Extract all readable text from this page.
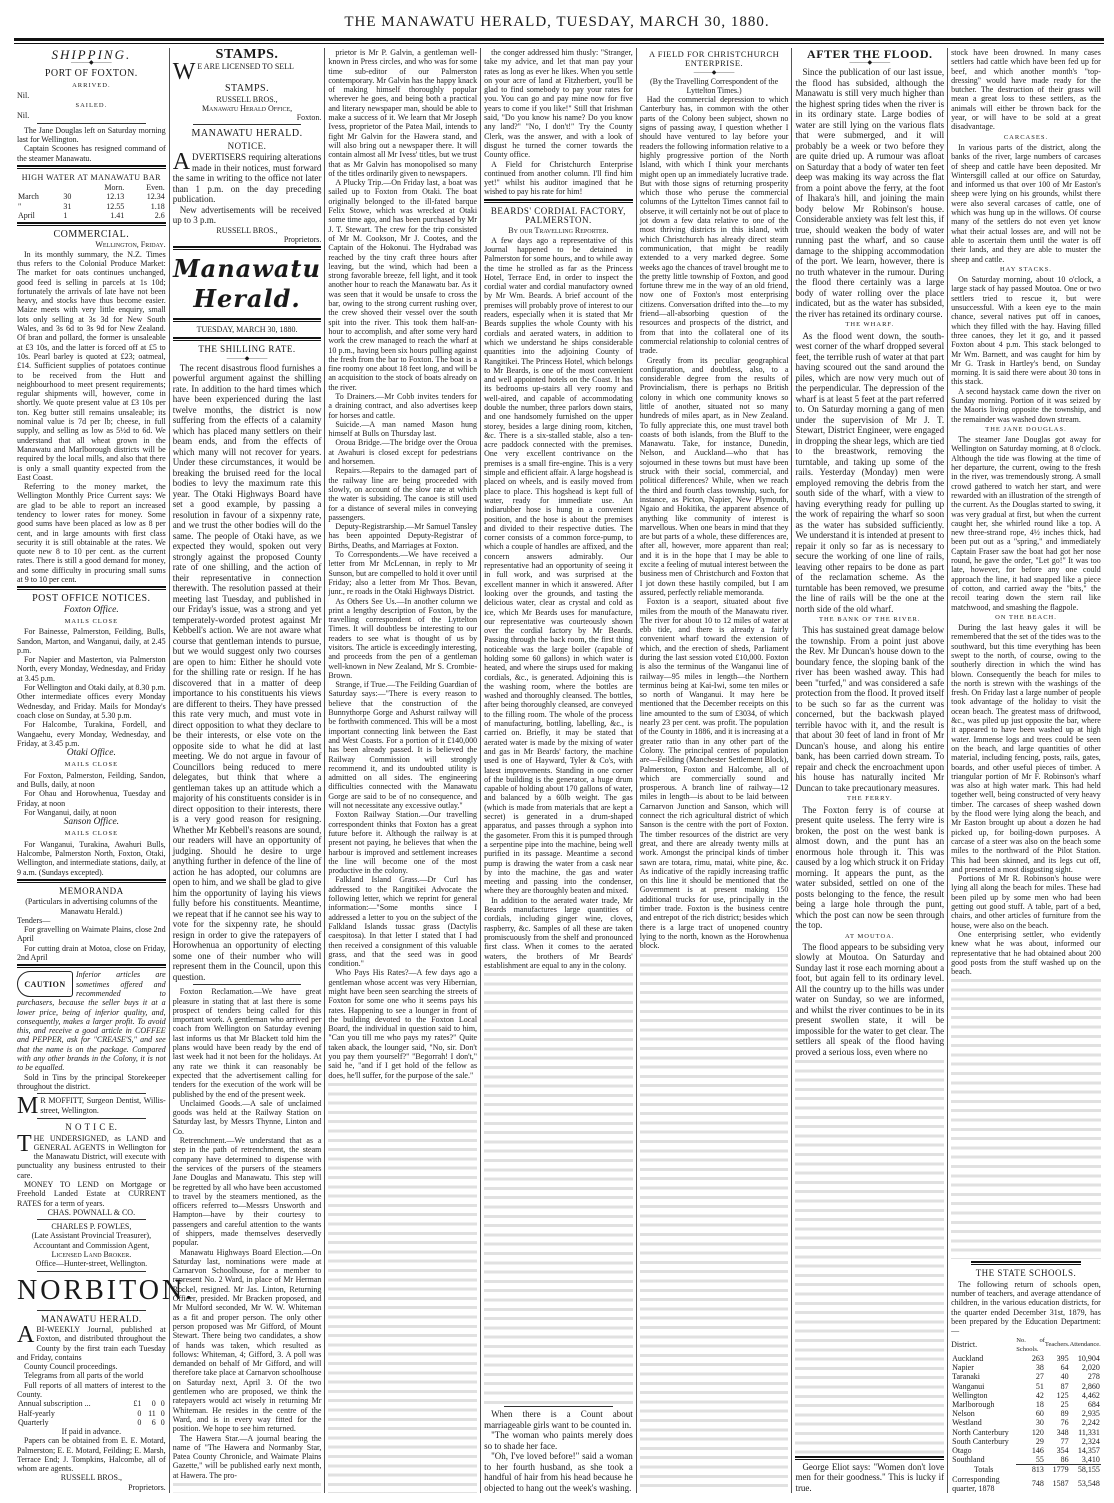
THE MANAWATU HERALD, TUESDAY, MARCH 30, 1880.
SHIPPING.
———◆———
PORT OF FOXTON.
ARRIVED.
Nil.
SAILED.
Nil.

The Jane Douglas left on Saturday morning last for Wellington.

Captain Scoones has resigned command of the steamer Manawatu.

HIGH WATER AT MANAWATU BAR
		Morn.	Even.
March	30	12.13	12.34
"	31	12.55	1.18
April	1	1.41	2.6
COMMERCIAL.
Wellington, Friday.

In its monthly summary, the N.Z. Times thus refers to the Colonial Produce Market: The market for oats continues unchanged, good feed is selling in parcels at 1s 10d; fortunately the arrivals of late have not been heavy, and stocks have thus become easier. Maize meets with very little enquiry, small lots only selling at 3s 3d for New South Wales, and 3s 6d to 3s 9d for New Zealand. Of bran and pollard, the former is unsaleable at £3 10s, and the latter is forced off at £5 to 10s. Pearl barley is quoted at £23; oatmeal, £14. Sufficient supplies of potatoes continue to be received from the Hutt and neighbourhood to meet present requirements; regular shipments will, however, come in shortly. We quote present value at £3 10s per ton. Keg butter still remains unsaleable; its nominal value is 7d per lb; cheese, in full supply, and selling as low as 5½d to 6d. We understand that all wheat grown in the Manawatu and Marlborough districts will be required by the local mills, and also that there is only a small quantity expected from the East Coast.

Referring to the money market, the Wellington Monthly Price Current says: We are glad to be able to report an increased tendency to lower rates for money. Some good sums have been placed as low as 8 per cent, and in large amounts with first class security it is still obtainable at the rates. We quote new 8 to 10 per cent. as the current rates. There is still a good demand for money, and some difficulty in procuring small sums at 9 to 10 per cent.

POST OFFICE NOTICES.
Foxton Office.
MAILS CLOSE

For Bainesse, Palmerston, Feilding, Bulls, Sandon, Marton, and Wanganui, daily, at 2.45 p.m.

For Napier and Masterton, via Palmerston North, every Monday, Wednesday, and Friday at 3.45 p.m.

For Wellington and Otaki daily, at 8.30 p.m. Other intermediate offices every Monday Wednesday, and Friday. Mails for Monday's coach close on Sunday, at 5.30 p.m.

For Halcombe, Turakina, Fordell, and Wangaehu, every Monday, Wednesday, and Friday, at 3.45 p.m.

Otaki Office.
MAILS CLOSE

For Foxton, Palmerston, Feilding, Sandon, and Bulls, daily, at noon

For Ohau and Horowhenua, Tuesday and Friday, at noon

For Wanganui, daily, at noon

Sanson Office.
MAILS CLOSE

For Wanganui, Turakina, Awahuri Bulls, Halcombe, Palmerston North, Foxton, Otaki, Wellington, and intermediate stations, daily, at 9 a.m. (Sundays excepted).

MEMORANDA
(Particulars in advertising columns of the Manawatu Herald.)
Tenders—

For gravelling on Waimate Plains, close 2nd April

For cutting drain at Motoa, close on Friday, 2nd April

CAUTION
Inferior articles are sometimes offered and recommended to purchasers, because the seller buys it at a lower price, being of inferior quality, and, consequently, makes a larger profit. To avoid this, and receive a good article in COFFEE and PEPPER, ask for "CREASE'S," and see that the name is on the package. Compared with any other brands in the Colony, it is not to be equalled.

Sold in Tins by the principal Storekeeper throughout the district.

MR MOFFITT, Surgeon Dentist, Willis-street, Wellington.

N O T I C E.

THE UNDERSIGNED, as LAND and GENERAL AGENTS in Wellington for the Manawatu District, will execute with punctuality any business entrusted to their care.

MONEY TO LEND on Mortgage or Freehold Landed Estate at CURRENT RATES for a term of years.

CHAS. POWNALL & CO.
CHARLES P. FOWLES,
(Late Assistant Provincial Treasurer),
Accountant and Commission Agent,
Licensed Land Broker.
Office—Hunter-street, Wellington.
NORBITON.
MANAWATU HERALD.

ABI-WEEKLY Journal, published at Foxton, and distributed throughout the County by the first train each Tuesday and Friday, contains

County Council proceedings.

Telegrams from all parts of the world

Full reports of all matters of interest to the County.

Annual subscription ...	£1	0	0
Half-yearly	0	11	0
Quarterly	0	6	0
If paid in advance.

Papers can be obtained from E. E. Motard, Palmerston; E. E. Motard, Feilding; E. Marsh, Terrace End; J. Tompkins, Halcombe, all of whom are agents.

RUSSELL BROS.,
Proprietors.
STAMPS.
WE ARE LICENSED TO SELL
STAMPS.
RUSSELL BROS.,
Manawatu Herald Office,
Foxton.
MANAWATU HERALD.
NOTICE.

ADVERTISERS requiring alterations made in their notices, must forward the same in writing to the office not later than 1 p.m. on the day preceding publication.

New advertisements will be received up to 3 p.m.

RUSSELL BROS.,
Proprietors.
Manawatu Herald.
TUESDAY, MARCH 30, 1880.
THE SHILLING RATE.
———◆———

The recent disastrous flood furnishes a powerful argument against the shilling rate. In addition to the hard times which have been experienced during the last twelve months, the district is now suffering from the effects of a calamity which has placed many settlers on their beam ends, and from the effects of which many will not recover for years. Under these circumstances, it would be breaking the bruised reed for the local bodies to levy the maximum rate this year. The Otaki Highways Board have set a good example, by passing a resolution in favour of a sixpenny rate, and we trust the other bodies will do the same. The people of Otaki have, as we expected they would, spoken out very strongly against the proposed County rate of one shilling, and the action of their representative in connection therewith. The resolution passed at their meeting last Tuesday, and published in our Friday's issue, was a strong and yet temperately-worded protest against Mr Kebbell's action. We are not aware what course that gentleman intends to pursue, but we would suggest only two courses are open to him: Either he should vote for the shilling rate or resign. If he has discovered that in a matter of deep importance to his constituents his views are different to theirs. They have pressed this rate very much, and must vote in direct opposition to what they declare to be their interests, or else vote on the opposite side to what he did at last meeting. We do not argue in favour of Councillors being reduced to mere delegates, but think that where a gentleman takes up an attitude which a majority of his constituents consider is in direct opposition to their interests, there is a very good reason for resigning. Whether Mr Kebbell's reasons are sound, our readers will have an opportunity of judging. Should he desire to urge anything further in defence of the line of action he has adopted, our columns are open to him, and we shall be glad to give him the opportunity of laying his views fully before his constituents. Meantime, we repeat that if he cannot see his way to vote for the sixpenny rate, he should resign in order to give the ratepayers of Horowhenua an opportunity of electing some one of their number who will represent them in the Council, upon this question.

Foxton Reclamation.—We have great pleasure in stating that at last there is some prospect of tenders being called for this important work. A gentleman who arrived per coach from Wellington on Saturday evening last informs us that Mr Blackett told him the plans would have been ready by the end of last week had it not been for the holidays. At any rate we think it can reasonably be expected that the advertisement calling for tenders for the execution of the work will be published by the end of the present week.

Unclaimed Goods.—A sale of unclaimed goods was held at the Railway Station on Saturday last, by Messrs Thynne, Linton and Co.

Retrenchment.—We understand that as a step in the path of retrenchment, the steam company have determined to dispense with the services of the pursers of the steamers Jane Douglas and Manawatu. This step will be regretted by all who have been accustomed to travel by the steamers mentioned, as the officers referred to—Messrs Unsworth and Hampton—have by their courtesy to passengers and careful attention to the wants of shippers, made themselves deservedly popular.

Manawatu Highways Board Election.—On Saturday last, nominations were made at Carnarvon Schoolhouse, for a member to represent No. 2 Ward, in place of Mr Herman Rockel, resigned. Mr Jas. Linton, Returning Officer, presided. Mr Bracken proposed, and Mr Mulford seconded, Mr W. W. Whiteman as a fit and proper person. The only other person proposed was Mr Gifford, of Mount Stewart. There being two candidates, a show of hands was taken, which resulted as follows: Whiteman, 4; Gifford, 3. A poll was demanded on behalf of Mr Gifford, and will therefore take place at Carnarvon schoolhouse on Saturday next, April 3. Of the two gentlemen who are proposed, we think the ratepayers would act wisely in returning Mr Whiteman. He resides in the centre of the Ward, and is in every way fitted for the position. We hope to see him returned.

The Hawera Star.—A journal bearing the name of "The Hawera and Normanby Star, Patea County Chronicle, and Waimate Plains Gazette," will be published early next month, at Hawera. The pro-

prietor is Mr P. Galvin, a gentleman well-known in Press circles, and who was for some time sub-editor of our Palmerston contemporary. Mr Galvin has the happy knack of making himself thoroughly popular wherever he goes, and being both a practical and literary newspaper man, should be able to make a success of it. We learn that Mr Joseph Ivess, proprietor of the Patea Mail, intends to fight Mr Galvin for the Hawera stand, and will also bring out a newspaper there. It will contain almost all Mr Ivess' titles, but we trust that as Mr Galvin has monopolised so many of the titles ordinarily given to newspapers.

A Plucky Trip.—On Friday last, a boat was sailed up to Foxton from Otaki. The boat originally belonged to the ill-fated barque Felix Stowe, which was wrecked at Otaki some time ago, and has been purchased by Mr J. T. Stewart. The crew for the trip consisted of Mr M. Cookson, Mr J. Cootes, and the Captain of the Hokonui. The Hydrabad was reached by the tiny craft three hours after leaving, but the wind, which had been a strong favorable breeze, fell light, and it took another hour to reach the Manawatu bar. As it was seen that it would be unsafe to cross the bar, owing to the strong current rushing over, the crew shoved their vessel over the south spit into the river. This took them half-an-hour to accomplish, and after some very hard work the crew managed to reach the wharf at 10 p.m., having been six hours pulling against the fresh from the bar to Foxton. The boat is a fine roomy one about 18 feet long, and will be an acquisition to the stock of boats already on the river.

To Drainers.—Mr Cobb invites tenders for a draining contract, and also advertises keep for horses and cattle.

Suicide.—A man named Mason hung himself at Bulls on Thursday last.

Oroua Bridge.—The bridge over the Oroua at Awahuri is closed except for pedestrians and horsemen.

Repairs.—Repairs to the damaged part of the railway line are being proceeded with slowly, on account of the slow rate at which the water is subsiding. The canoe is still used for a distance of several miles in conveying passengers.

Deputy-Registrarship.—Mr Samuel Tansley has been appointed Deputy-Registrar of Births, Deaths, and Marriages at Foxton.

To Correspondents.—We have received a letter from Mr McLennan, in reply to Mr Sunson, but are compelled to hold it over until Friday; also a letter from Mr Thos. Bevan, junr., re roads in the Otaki Highways District.

As Others See Us.—In another column we print a lengthy description of Foxton, by the travelling correspondent of the Lyttelton Times. It will doubtless be interesting to our readers to see what is thought of us by visitors. The article is exceedingly interesting, and proceeds from the pen of a gentleman well-known in New Zealand, Mr S. Crombie-Brown.

Strange, if True.—The Feilding Guardian of Saturday says:—"There is every reason to believe that the construction of the Bunnythorpe Gorge and Ashurst railway will be forthwith commenced. This will be a most important connecting link between the East and West Coasts. For a portion of it £140,000 has been already passed. It is believed the Railway Commission will strongly recommend it, and its undoubted utility is admitted on all sides. The engineering difficulties connected with the Manawatu Gorge are said to be of no consequence, and will not necessitate any excessive outlay."

Foxton Railway Station.—Our travelling correspondent thinks that Foxton has a great future before it. Although the railway is at present not paying, he believes that when the harbour is improved and settlement increases the line will become one of the most productive in the colony.

Falkland Island Grass.—Dr Curl has addressed to the Rangitikei Advocate the following letter, which we reprint for general information:—"Some months since I addressed a letter to you on the subject of the Falkland Islands tussac grass (Dactylis caespitosa). In that letter I stated that I had then received a consignment of this valuable grass, and that the seed was in good condition."

Who Pays His Rates?—A few days ago a gentleman whose accent was very Hibernian, might have been seen searching the streets of Foxton for some one who it seems pays his rates. Happening to see a lounger in front of the building devoted to the Foxton Local Board, the individual in question said to him, "Can you till me who pays my rates?" Quite taken aback, the lounger said, "No, sir. Don't you pay them yourself?" "Begorrah! I don't," said he, "and if I get hold of the fellow as does, he'll suffer, for the purpose of the sale."

the conger addressed him thusly: "Stranger, take my advice, and let that man pay your rates as long as ever he likes. When you settle on your acre of land at Fitzherbert, you'll be glad to find somebody to pay your rates for you. You can go and pay mine now for five years to come if you like!" Still that Irishman said, "Do you know his name? Do you know any land?" "No, I don't!" Try the County Clerk, was the answer, and with a look of disgust he turned the corner towards the County office.

A Field for Christchurch Enterprise continued from another column. I'll find him yet!" whilst his auditor imagined that he wished to pay his rate for him!

BEARDS' CORDIAL FACTORY, PALMERSTON.
By our Travelling Reporter.

A few days ago a representative of this Journal happened to be detained in Palmerston for some hours, and to while away the time he strolled as far as the Princess Hotel, Terrace End, in order to inspect the cordial water and cordial manufactory owned by Mr Wm. Beards. A brief account of the premises will probably prove of interest to our readers, especially when it is stated that Mr Beards supplies the whole County with his cordials and aerated waters, in addition to which we understand he ships considerable quantities into the adjoining County of Rangitikei. The Princess Hotel, which belongs to Mr Beards, is one of the most convenient and well appointed hotels on the Coast. It has its bedrooms up-stairs all very roomy and well-aired, and capable of accommodating double the number, three parlors down stairs, and one handsomely furnished on the upper storey, besides a large dining room, kitchen, &c. There is a six-stalled stable, also a ten-acre paddock connected with the premises. One very excellent contrivance on the premises is a small fire-engine. This is a very simple and efficient affair. A large hogshead is placed on wheels, and is easily moved from place to place. This hogshead is kept full of water, ready for immediate use. An indiarubber hose is hung in a convenient position, and the hose is about the premises and divided to their respective duties. The corner consists of a common force-pump, to which a couple of handles are affixed, and the concern answers admirably. Our representative had an opportunity of seeing it in full work, and was surprised at the excellent manner in which it answered. After looking over the grounds, and tasting the delicious water, clear as crystal and cold as ice, which Mr Beards uses for manufacture, our representative was courteously shown over the cordial factory by Mr Beards. Passing through the back room, the first thing noticeable was the large boiler (capable of holding some 60 gallons) in which water is heated, and where the sirups used for making cordials, &c., is generated. Adjoining this is the washing room, where the bottles are washed and thoroughly cleansed. The bottles, after being thoroughly cleansed, are conveyed to the filling room. The whole of the process of manufacturing, bottling, labelling, &c., is carried on. Briefly, it may be stated that aerated water is made by the mixing of water and gas in Mr Beards' factory, the machine used is one of Hayward, Tyler & Co's, with latest improvements. Standing in one corner of the building is the generator, a huge drum capable of holding about 170 gallons of water, and balanced by a 60lb weight. The gas (which is made from materials that are kept a secret) is generated in a drum-shaped apparatus, and passes through a syphon into the gasometer. From this it is pumped through a serpentine pipe into the machine, being well purified in its passage. Meantime a second pump is drawing the water from a cask near by into the machine, the gas and water meeting and passing into the condenser, where they are thoroughly beaten and mixed.

In addition to the aerated water trade, Mr Beards manufactures large quantities of cordials, including ginger wine, cloves, raspberry, &c. Samples of all these are taken promiscuously from the shelf and pronounced first class. When it comes to the aerated waters, the brothers of Mr Beards' establishment are equal to any in the colony.

When there is a Count about marriageable girls want to be counted in.

"The woman who paints merely does so to shade her face.

"Oh, I've loved before!" said a woman to her fourth husband, as she took a handful of hair from his head because he objected to hang out the week's washing.

A FIELD FOR CHRISTCHURCH ENTERPRISE.
———◆———
(By the Travelling Correspondent of the Lyttelton Times.)

Had the commercial depression to which Canterbury has, in common with the other parts of the Colony been subject, shown no signs of passing away, I question whether I should have ventured to lay before your readers the following information relative to a highly progressive portion of the North Island, with which I think your merchants might open up an immediately lucrative trade. But with those signs of returning prosperity which those who peruse the commercial columns of the Lyttelton Times cannot fail to observe, it will certainly not be out of place to jot down a few data relative to one of the most thriving districts in this island, with which Christchurch has already direct steam communication, that might be readily extended to a very marked degree. Some weeks ago the chances of travel brought me to the pretty little township of Foxton, and good fortune threw me in the way of an old friend, now one of Foxton's most enterprising citizens. Conversation drifted into the—to my friend—all-absorbing question of the resources and prospects of the district, and from that into the collateral one of its commercial relationship to colonial centres of trade.

Greatly from its peculiar geographical configuration, and doubtless, also, to a considerable degree from the results of Provincialism, there is perhaps no British colony in which one community knows so little of another, situated not so many hundreds of miles apart, as in New Zealand. To fully appreciate this, one must travel both coasts of both islands, from the Bluff to the Manawatu. Take, for instance, Dunedin, Nelson, and Auckland—who that has sojourned in these towns but must have been struck with their social, commercial, and political differences? While, when we reach the third and fourth class township, such, for instance, as Picton, Napier, New Plymouth, Ngaio and Hokitika, the apparent absence of anything like community of interest is marvellous. When one bears in mind that they are but parts of a whole, these differences are, after all, however, more apparent than real; and it is in the hope that I may be able to excite a feeling of mutual interest between the business men of Christchurch and Foxton that I jot down these hastily compiled, but I am assured, perfectly reliable memoranda.

Foxton is a seaport, situated about five miles from the mouth of the Manawatu river. The river for about 10 to 12 miles of water at ebb tide, and there is already a fairly convenient wharf toward the extension of which, and the erection of sheds, Parliament during the last session voted £10,000. Foxton is also the terminus of the Wanganui line of railway—95 miles in length—the Northern terminus being at Kai-Iwi, some ten miles or so north of Wanganui. It may here be mentioned that the December receipts on this line amounted to the sum of £3034, of which nearly 23 per cent. was profit. The population of the County in 1886, and it is increasing at a greater ratio than in any other part of the Colony. The principal centres of population are—Feilding (Manchester Settlement Block), Palmerston, Foxton and Halcombe, all of which are commercially sound and prosperous. A branch line of railway—12 miles in length—is about to be laid between Carnarvon Junction and Sanson, which will connect the rich agricultural district of which Sanson is the centre with the port of Foxton. The timber resources of the district are very great, and there are already twenty mills at work. Amongst the principal kinds of timber sawn are totara, rimu, matai, white pine, &c. As indicative of the rapidly increasing traffic on this line it should be mentioned that the Government is at present making 150 additional trucks for use, principally in the timber trade. Foxton is the business centre and entrepot of the rich district; besides which there is a large tract of unopened country lying to the north, known as the Horowhenua block.

AFTER THE FLOOD.
———◆———

Since the publication of our last issue, the flood has subsided, although the Manawatu is still very much higher than the highest spring tides when the river is in its ordinary state. Large bodies of water are still lying on the various flats that were submerged, and it will probably be a week or two before they are quite dried up. A rumour was afloat on Saturday that a body of water ten feet deep was making its way across the flat from a point above the ferry, at the foot of Ihakara's hill, and joining the main body below Mr Robinson's house. Considerable anxiety was felt lest this, if true, should weaken the body of water running past the wharf, and so cause damage to the shipping accommodation of the port. We learn, however, there is no truth whatever in the rumour. During the flood there certainly was a large body of water rolling over the place indicated, but as the water has subsided, the river has retained its ordinary course.

THE WHARF.

As the flood went down, the south-west corner of the wharf dropped several feet, the terrible rush of water at that part having scoured out the sand around the piles, which are now very much out of the perpendicular. The depression of the wharf is at least 5 feet at the part referred to. On Saturday morning a gang of men under the supervision of Mr J. T. Stewart, District Engineer, were engaged in dropping the shear legs, which are tied to the breastwork, removing the turntable, and taking up some of the rails. Yesterday (Monday) men were employed removing the debris from the south side of the wharf, with a view to having everything ready for pulling up the work of repairing the wharf so soon as the water has subsided sufficiently. We understand it is intended at present to repair it only so far as is necessary to secure the working of one line of rails, leaving other repairs to be done as part of the reclamation scheme. As the turntable has been removed, we presume the line of rails will be the one at the north side of the old wharf.

THE BANK OF THE RIVER.

This has sustained great damage below the township. From a point just above the Rev. Mr Duncan's house down to the boundary fence, the sloping bank of the river has been washed away. This had been "turfed," and was considered a safe protection from the flood. It proved itself to be such so far as the current was concerned, but the backwash played terrible havoc with it, and the result is that about 30 feet of land in front of Mr Duncan's house, and along his entire bank, has been carried down stream. To repair and check the encroachment upon his house has naturally incited Mr Duncan to take precautionary measures.

THE FERRY.

The Foxton ferry is of course at present quite useless. The ferry wire is broken, the post on the west bank is almost down, and the punt has an enormous hole through it. This was caused by a log which struck it on Friday morning. It appears the punt, as the water subsided, settled on one of the posts belonging to the fence, the result being a large hole through the punt, which the post can now be seen through the top.

AT MOUTOA.

The flood appears to be subsiding very slowly at Moutoa. On Saturday and Sunday last it rose each morning about a foot, but again fell to its ordinary level. All the country up to the hills was under water on Sunday, so we are informed, and whilst the river continues to be in its present swollen state, it will be impossible for the water to get clear. The settlers all speak of the flood having proved a serious loss, even where no

George Eliot says: "Women don't love men for their goodness." This is lucky if true.

stock have been drowned. In many cases settlers had cattle which have been fed up for beef, and which another month's "top-dressing" would have made ready for the butcher. The destruction of their grass will mean a great loss to these settlers, as the animals will either be thrown back for the year, or will have to be sold at a great disadvantage.

CARCASES.

In various parts of the district, along the banks of the river, large numbers of carcases of sheep and cattle have been deposited. Mr Wintersgill called at our office on Saturday, and informed us that over 100 of Mr Easton's sheep were lying on his grounds, whilst there were also several carcases of cattle, one of which was hung up in the willows. Of course many of the settlers do not even yet know what their actual losses are, and will not be able to ascertain them until the water is off their lands, and they are able to muster the sheep and cattle.

HAY STACKS.

On Saturday morning, about 10 o'clock, a large stack of hay passed Moutoa. One or two settlers tried to rescue it, but were unsuccessful. With a keen eye to the main chance, several natives put off in canoes, which they filled with the hay. Having filled three canoes, they let it go, and it passed Foxton about 4 p.m. This stack belonged to Mr Wm. Barnett, and was caught for him by Mr G. Trask in Hartley's bend, on Sunday morning. It is said there were about 30 tons in this stack.

A second haystack came down the river on Sunday morning. Portion of it was seized by the Maoris living opposite the township, and the remainder was washed down stream.

THE JANE DOUGLAS.

The steamer Jane Douglas got away for Wellington on Saturday morning, at 8 o'clock. Although the tide was flowing at the time of her departure, the current, owing to the fresh in the river, was tremendously strong. A small crowd gathered to watch her start, and were rewarded with an illustration of the strength of the current. As the Douglas started to swing, it was very gradual at first, but when the current caught her, she whirled round like a top. A new three-strand rope, 4½ inches thick, had been put out as a "spring," and immediately Captain Fraser saw the boat had got her nose round, he gave the order, "Let go!" It was too late, however, for before any one could approach the line, it had snapped like a piece of cotton, and carried away the "bits," the recoil tearing down the stern rail like matchwood, and smashing the flagpole.

ON THE BEACH.

During the last heavy gales it will be remembered that the set of the tides was to the southward, but this time everything has been swept to the north, of course, owing to the southerly direction in which the wind has blown. Consequently the beach for miles to the north is strewn with the washings of the fresh. On Friday last a large number of people took advantage of the holiday to visit the ocean beach. The greatest mass of driftwood, &c., was piled up just opposite the bar, where it appeared to have been washed up at high water. Immense logs and trees could be seen on the beach, and large quantities of other material, including fencing, posts, rails, gates, boards, and other useful pieces of timber. A triangular portion of Mr F. Robinson's wharf was also at high water mark. This had held together well, being constructed of very heavy timber. The carcases of sheep washed down by the flood were lying along the beach, and Mr Easton brought up about a dozen he had picked up, for boiling-down purposes. A carcase of a steer was also on the beach some miles to the northward of the Pilot Station. This had been skinned, and its legs cut off, and presented a most disgusting sight.

Portions of Mr R. Robinson's house were lying all along the beach for miles. These had been piled up by some men who had been getting out good stuff. A table, part of a bed, chairs, and other articles of furniture from the house, were also on the beach.

One enterprising settler, who evidently knew what he was about, informed our representative that he had obtained about 200 good posts from the stuff washed up on the beach.

THE STATE SCHOOLS.

The following return of schools open, number of teachers, and average attendance of children, in the various education districts, for the quarter ended December 31st, 1879, has been prepared by the Education Department:—

District.	No. of Schools.	Teachers.	Attendance.
Auckland	263	395	10,904
Napier	38	64	2,020
Taranaki	27	40	278
Wanganui	51	87	2,860
Wellington	42	125	4,462
Marlborough	18	25	684
Nelson	60	89	2,935
Westland	30	76	2,242
North Canterbury	120	348	11,331
South Canterbury	29	77	2,324
Otago	146	354	14,357
Southland	55	86	3,410
Totals	813	1779	58,155
Corresponding quarter, 1878	748	1587	53,548
